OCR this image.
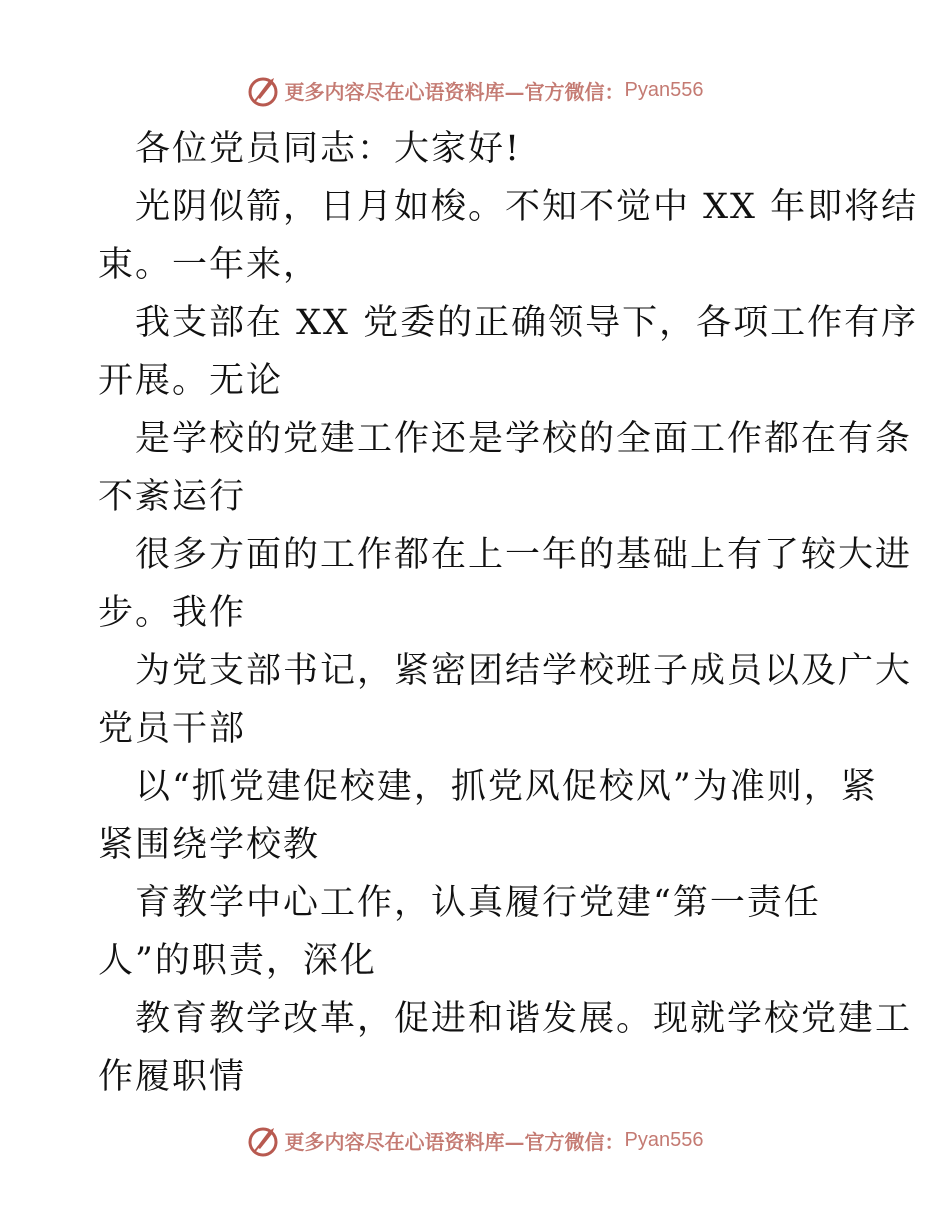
更多内容尽在心语资料库—官方微信： Pyan556
各位党员同志：大家好!
光阴似箭，日月如梭。不知不觉中 XX 年即将结
束。一年来，
我支部在 XX 党委的正确领导下，各项工作有序
开展。无论
是学校的党建工作还是学校的全面工作都在有条
不紊运行
很多方面的工作都在上一年的基础上有了较大进
步。我作
为党支部书记，紧密团结学校班子成员以及广大
党员干部
以“抓党建促校建，抓党风促校风”为准则，紧
紧围绕学校教
育教学中心工作，认真履行党建“第一责任
人”的职责，深化
教育教学改革，促进和谐发展。现就学校党建工
作履职情
更多内容尽在心语资料库—官方微信： Pyan556
